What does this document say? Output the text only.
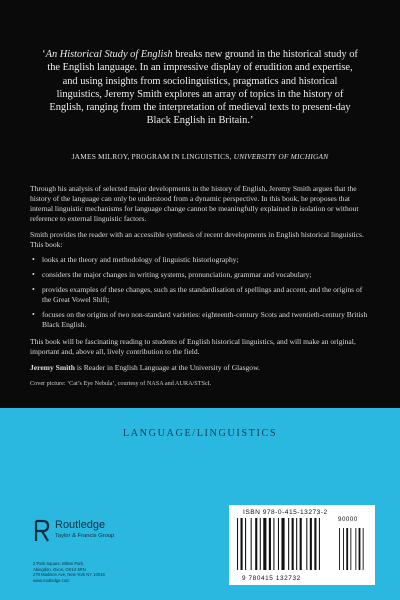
‘An Historical Study of English breaks new ground in the historical study of the English language. In an impressive display of erudition and expertise, and using insights from sociolinguistics, pragmatics and historical linguistics, Jeremy Smith explores an array of topics in the history of English, ranging from the interpretation of medieval texts to present-day Black English in Britain.’

JAMES MILROY, PROGRAM IN LINGUISTICS, UNIVERSITY OF MICHIGAN

Through his analysis of selected major developments in the history of English, Jeremy Smith argues that the history of the language can only be understood from a dynamic perspective. In this book, he proposes that internal linguistic mechanisms for language change cannot be meaningfully explained in isolation or without reference to external linguistic factors.

Smith provides the reader with an accessible synthesis of recent developments in English historical linguistics. This book:

• looks at the theory and methodology of linguistic historiography;
• considers the major changes in writing systems, pronunciation, grammar and vocabulary;
• provides examples of these changes, such as the standardisation of spellings and accent, and the origins of the Great Vowel Shift;
• focuses on the origins of two non-standard varieties: eighteenth-century Scots and twentieth-century British Black English.

This book will be fascinating reading to students of English historical linguistics, and will make an original, important and, above all, lively contribution to the field.

Jeremy Smith is Reader in English Language at the University of Glasgow.

Cover picture: ‘Cat’s Eye Nebula’, courtesy of NASA and AURA/STScI.
LANGUAGE/LINGUISTICS
Routledge
Taylor & Francis Group
2 Park Square, Milton Park,
Abingdon, Oxon, OX14 4RN
270 Madison Ave, New York NY 10016
www.routledge.com
ISBN 978-0-415-13273-2
90000
9 780415 132732
